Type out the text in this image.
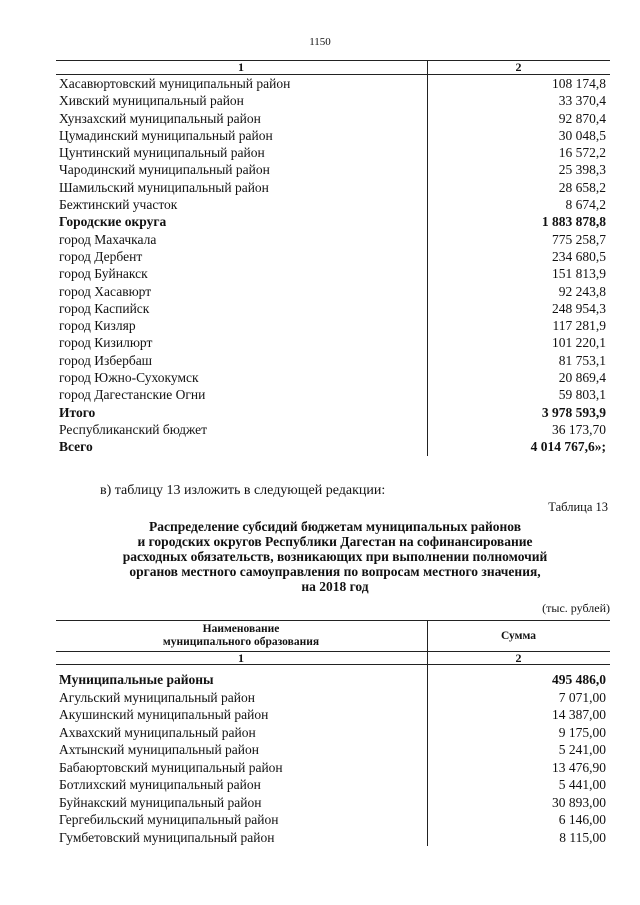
1150
1	2
Хасавюртовский муниципальный район	108 174,8
Хивский муниципальный район	33 370,4
Хунзахский муниципальный район	92 870,4
Цумадинский муниципальный район	30 048,5
Цунтинский муниципальный район	16 572,2
Чародинский муниципальный район	25 398,3
Шамильский муниципальный район	28 658,2
Бежтинский участок	8 674,2
Городские округа	1 883 878,8
город Махачкала	775 258,7
город Дербент	234 680,5
город Буйнакск	151 813,9
город Хасавюрт	92 243,8
город Каспийск	248 954,3
город Кизляр	117 281,9
город Кизилюрт	101 220,1
город Избербаш	81 753,1
город Южно-Сухокумск	20 869,4
город Дагестанские Огни	59 803,1
Итого	3 978 593,9
Республиканский бюджет	36 173,70
Всего	4 014 767,6»;
в) таблицу 13 изложить в следующей редакции:
Таблица 13
Распределение субсидий бюджетам муниципальных районов
и городских округов Республики Дагестан на софинансирование
расходных обязательств, возникающих при выполнении полномочий
органов местного самоуправления по вопросам местного значения,
на 2018 год
(тыс. рублей)
Наименование
муниципального образования	Сумма
1	2

Муниципальные районы	495 486,0
Агульский муниципальный район	7 071,00
Акушинский муниципальный район	14 387,00
Ахвахский муниципальный район	9 175,00
Ахтынский муниципальный район	5 241,00
Бабаюртовский муниципальный район	13 476,90
Ботлихский муниципальный район	5 441,00
Буйнакский муниципальный район	30 893,00
Гергебильский муниципальный район	6 146,00
Гумбетовский муниципальный район	8 115,00
